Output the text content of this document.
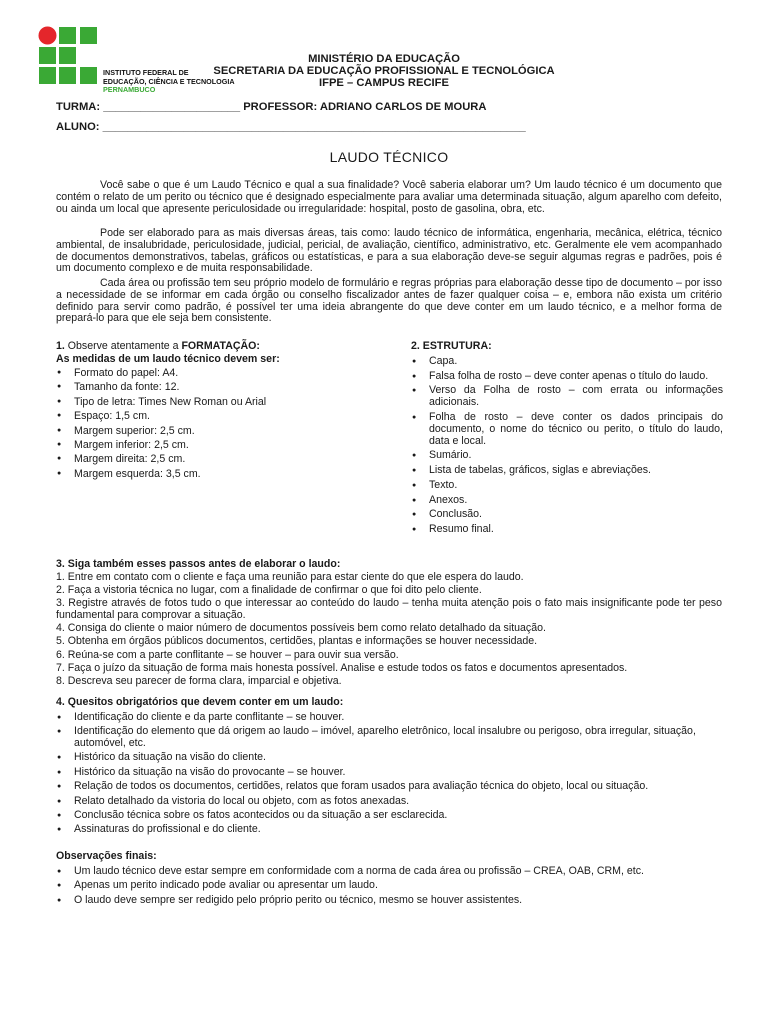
INSTITUTO FEDERAL DE
EDUCAÇÃO, CIÊNCIA E TECNOLOGIA
PERNAMBUCO
MINISTÉRIO DA EDUCAÇÃO
SECRETARIA DA EDUCAÇÃO PROFISSIONAL E TECNOLÓGICA
IFPE – CAMPUS RECIFE
TURMA: ______________________ PROFESSOR: ADRIANO CARLOS DE MOURA
ALUNO: ____________________________________________________________________
LAUDO TÉCNICO
Você sabe o que é um Laudo Técnico e qual a sua finalidade? Você saberia elaborar um? Um laudo técnico é um documento que contém o relato de um perito ou técnico que é designado especialmente para avaliar uma determinada situação, algum aparelho com defeito, ou ainda um local que apresente periculosidade ou irregularidade: hospital, posto de gasolina, obra, etc.
Pode ser elaborado para as mais diversas áreas, tais como: laudo técnico de informática, engenharia, mecânica, elétrica, técnico ambiental, de insalubridade, periculosidade, judicial, pericial, de avaliação, científico, administrativo, etc. Geralmente ele vem acompanhado de documentos demonstrativos, tabelas, gráficos ou estatísticas, e para a sua elaboração deve-se seguir algumas regras e padrões, pois é um documento complexo e de muita responsabilidade.
Cada área ou profissão tem seu próprio modelo de formulário e regras próprias para elaboração desse tipo de documento – por isso a necessidade de se informar em cada órgão ou conselho fiscalizador antes de fazer qualquer coisa – e, embora não exista um critério definido para servir como padrão, é possível ter uma ideia abrangente do que deve conter em um laudo técnico, e a melhor forma de prepará-lo para que ele seja bem consistente.
1. Observe atentamente a FORMATAÇÃO:
As medidas de um laudo técnico devem ser:
● Formato do papel: A4.
● Tamanho da fonte: 12.
● Tipo de letra: Times New Roman ou Arial
● Espaço: 1,5 cm.
● Margem superior: 2,5 cm.
● Margem inferior: 2,5 cm.
● Margem direita: 2,5 cm.
● Margem esquerda: 3,5 cm.
2. ESTRUTURA:
● Capa.
● Falsa folha de rosto – deve conter apenas o título do laudo.
● Verso da Folha de rosto – com errata ou informações adicionais.
● Folha de rosto – deve conter os dados principais do documento, o nome do técnico ou perito, o título do laudo, data e local.
● Sumário.
● Lista de tabelas, gráficos, siglas e abreviações.
● Texto.
● Anexos.
● Conclusão.
● Resumo final.
3. Siga também esses passos antes de elaborar o laudo:
1. Entre em contato com o cliente e faça uma reunião para estar ciente do que ele espera do laudo.
2. Faça a vistoria técnica no lugar, com a finalidade de confirmar o que foi dito pelo cliente.
3. Registre através de fotos tudo o que interessar ao conteúdo do laudo – tenha muita atenção pois o fato mais insignificante pode ter peso fundamental para comprovar a situação.
4. Consiga do cliente o maior número de documentos possíveis bem como relato detalhado da situação.
5. Obtenha em órgãos públicos documentos, certidões, plantas e informações se houver necessidade.
6. Reúna-se com a parte conflitante – se houver – para ouvir sua versão.
7. Faça o juízo da situação de forma mais honesta possível. Analise e estude todos os fatos e documentos apresentados.
8. Descreva seu parecer de forma clara, imparcial e objetiva.
4. Quesitos obrigatórios que devem conter em um laudo:
● Identificação do cliente e da parte conflitante – se houver.
● Identificação do elemento que dá origem ao laudo – imóvel, aparelho eletrônico, local insalubre ou perigoso, obra irregular, situação, automóvel, etc.
● Histórico da situação na visão do cliente.
● Histórico da situação na visão do provocante – se houver.
● Relação de todos os documentos, certidões, relatos que foram usados para avaliação técnica do objeto, local ou situação.
● Relato detalhado da vistoria do local ou objeto, com as fotos anexadas.
● Conclusão técnica sobre os fatos acontecidos ou da situação a ser esclarecida.
● Assinaturas do profissional e do cliente.
Observações finais:
● Um laudo técnico deve estar sempre em conformidade com a norma de cada área ou profissão – CREA, OAB, CRM, etc.
● Apenas um perito indicado pode avaliar ou apresentar um laudo.
● O laudo deve sempre ser redigido pelo próprio perito ou técnico, mesmo se houver assistentes.
